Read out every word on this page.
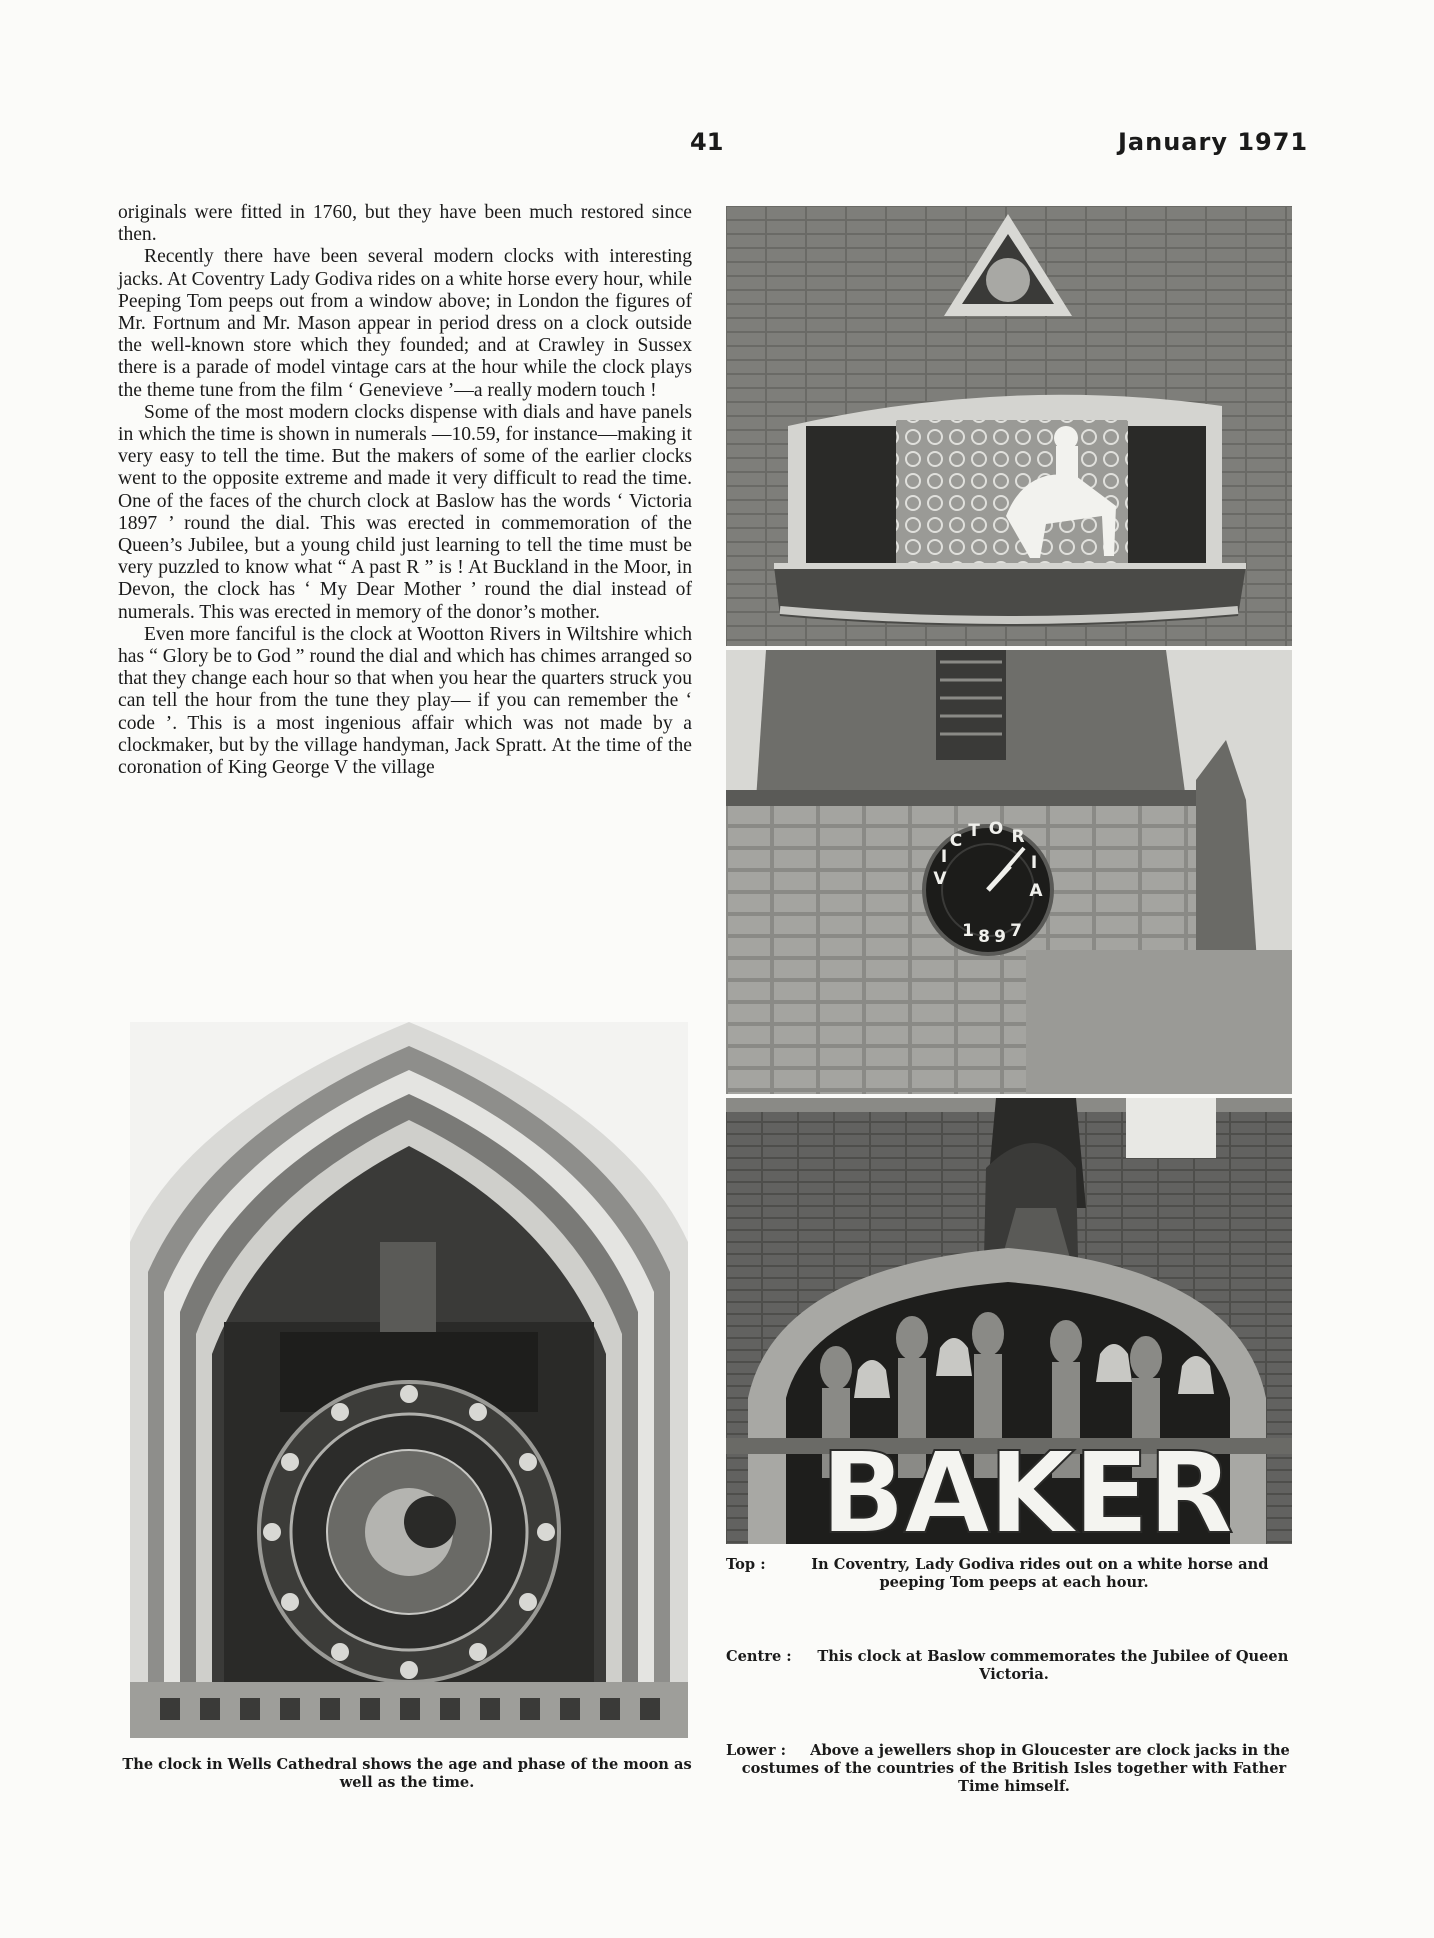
41	January 1971

originals were fitted in 1760, but they have been much restored since then.

Recently there have been several modern clocks with interesting jacks. At Coventry Lady Godiva rides on a white horse every hour, while Peeping Tom peeps out from a window above; in London the figures of Mr. Fortnum and Mr. Mason appear in period dress on a clock outside the well-known store which they founded; and at Crawley in Sussex there is a parade of model vintage cars at the hour while the clock plays the theme tune from the film ‘ Genevieve ’—a really modern touch !

Some of the most modern clocks dispense with dials and have panels in which the time is shown in numerals —10.59, for instance—making it very easy to tell the time. But the makers of some of the earlier clocks went to the opposite extreme and made it very difficult to read the time. One of the faces of the church clock at Baslow has the words ‘ Victoria 1897 ’ round the dial. This was erected in commemoration of the Queen’s Jubilee, but a young child just learning to tell the time must be very puzzled to know what “ A past R ” is ! At Buckland in the Moor, in Devon, the clock has ‘ My Dear Mother ’ round the dial instead of numerals. This was erected in memory of the donor’s mother.

Even more fanciful is the clock at Wootton Rivers in Wiltshire which has “ Glory be to God ” round the dial and which has chimes arranged so that they change each hour so that when you hear the quarters struck you can tell the hour from the tune they play— if you can remember the ‘ code ’. This is a most ingenious affair which was not made by a clockmaker, but by the village handyman, Jack Spratt. At the time of the coronation of King George V the village

The clock in Wells Cathedral shows the age and phase of the moon as well as the time.
V
I
C T O R
I
A
1 8 9 7
BAKER
Top :	In Coventry, Lady Godiva rides out on a white horse and peeping Tom peeps at each hour.
Centre :	This clock at Baslow commemorates the Jubilee of Queen Victoria.
Lower :	Above a jewellers shop in Gloucester are clock jacks in the costumes of the countries of the British Isles together with Father Time himself.
